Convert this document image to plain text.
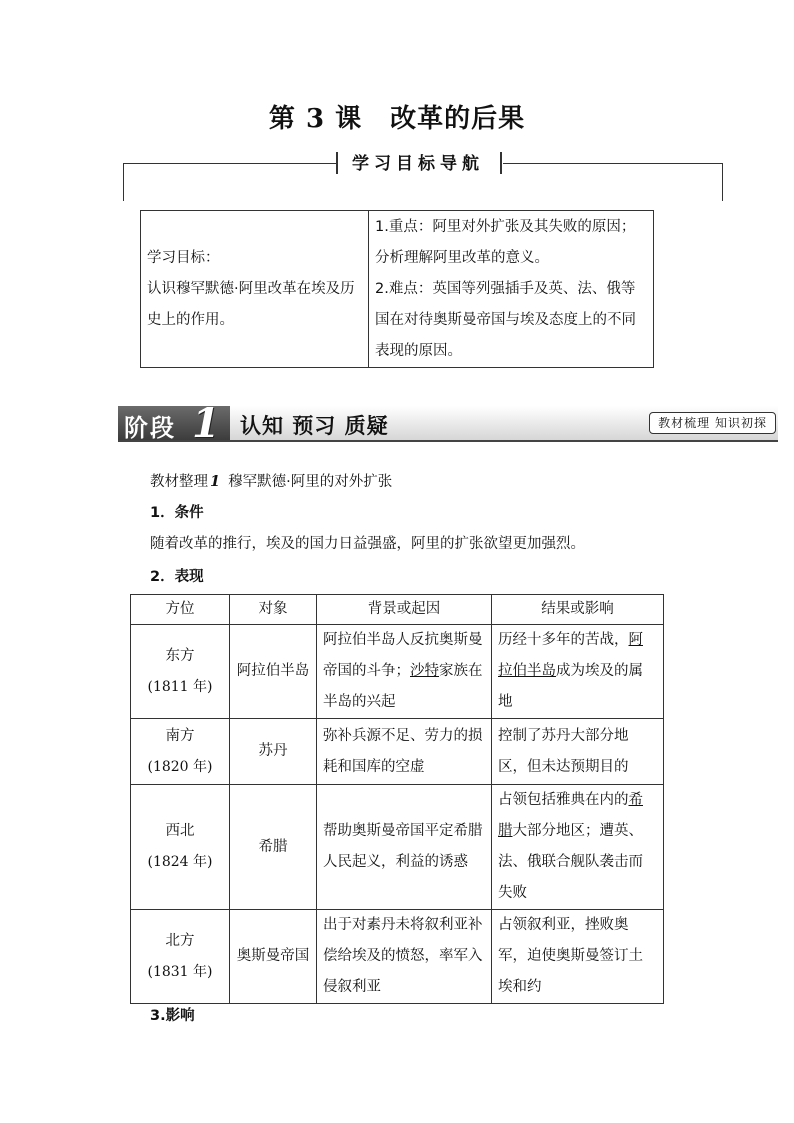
第 3 课 改革的后果
学习目标导航
学习目标：
认识穆罕默德·阿里改革在埃及历史上的作用。

1.重点：阿里对外扩张及其失败的原因；分析理解阿里改革的意义。
2.难点：英国等列强插手及英、法、俄等国在对待奥斯曼帝国与埃及态度上的不同表现的原因。
阶段 1 认知 预习 质疑	教材梳理 知识初探
教材整理 1 穆罕默德·阿里的对外扩张
1．条件
随着改革的推行，埃及的国力日益强盛，阿里的扩张欲望更加强烈。
2．表现
方位	对象	背景或起因	结果或影响
东方
(1811 年)	阿拉伯半岛	阿拉伯半岛人反抗奥斯曼帝国的斗争；沙特家族在半岛的兴起	历经十多年的苦战，阿拉伯半岛成为埃及的属地
南方
(1820 年)	苏丹	弥补兵源不足、劳力的损耗和国库的空虚	控制了苏丹大部分地区，但未达预期目的
西北
(1824 年)	希腊	帮助奥斯曼帝国平定希腊人民起义，利益的诱惑	占领包括雅典在内的希腊大部分地区；遭英、法、俄联合舰队袭击而失败
北方
(1831 年)	奥斯曼帝国	出于对素丹未将叙利亚补偿给埃及的愤怒，率军入侵叙利亚	占领叙利亚，挫败奥军，迫使奥斯曼签订土埃和约
3.影响
